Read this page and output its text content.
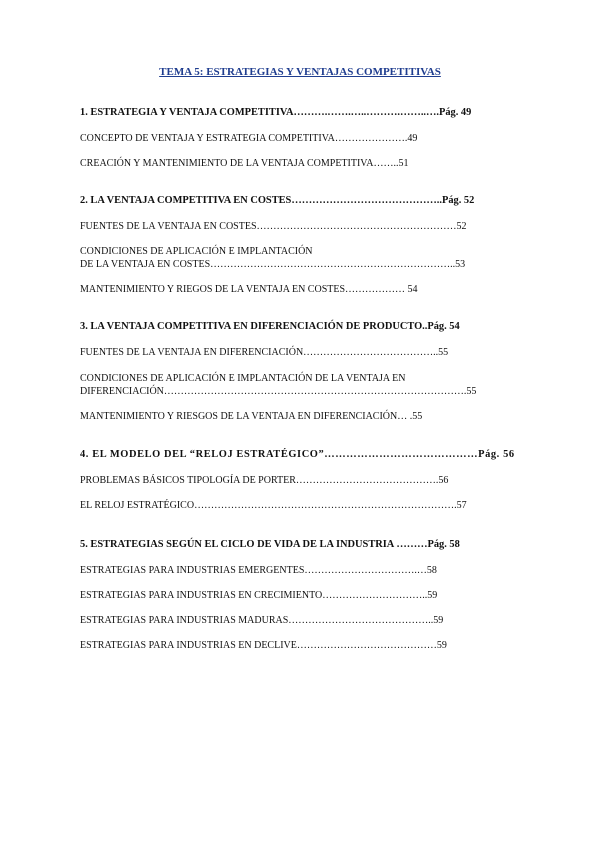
TEMA 5: ESTRATEGIAS Y VENTAJAS COMPETITIVAS
1. ESTRATEGIA Y VENTAJA COMPETITIVA……….…….…..……….……..….Pág. 49
CONCEPTO DE VENTAJA Y ESTRATEGIA COMPETITIVA………………….49
CREACIÓN Y MANTENIMIENTO DE LA VENTAJA COMPETITIVA……..51
2. LA VENTAJA COMPETITIVA EN COSTES……………………………………..Pág. 52
FUENTES DE LA VENTAJA EN COSTES……………………………………………………52
CONDICIONES DE APLICACIÓN E IMPLANTACIÓN
DE LA VENTAJA EN COSTES………………………………………………………………..53
MANTENIMIENTO Y RIEGOS DE LA VENTAJA EN COSTES……………… 54
3. LA VENTAJA COMPETITIVA EN DIFERENCIACIÓN DE PRODUCTO..Pág. 54
FUENTES DE LA VENTAJA EN DIFERENCIACIÓN…………………………………..55
CONDICIONES DE APLICACIÓN E IMPLANTACIÓN DE LA VENTAJA EN
DIFERENCIACIÓN……………………………………………………………………………….55
MANTENIMIENTO Y RIESGOS DE LA VENTAJA EN DIFERENCIACIÓN… .55
4. EL MODELO DEL “RELOJ ESTRATÉGICO”……………………………………Pág. 56
PROBLEMAS BÁSICOS TIPOLOGÍA DE PORTER…………………………………….56
EL RELOJ ESTRATÉGICO…………………………………………………………………….57
5. ESTRATEGIAS SEGÚN EL CICLO DE VIDA DE LA INDUSTRIA ………Pág. 58
ESTRATEGIAS PARA INDUSTRIAS EMERGENTES…………………………….…58
ESTRATEGIAS PARA INDUSTRIAS EN CRECIMIENTO…………………………..59
ESTRATEGIAS PARA INDUSTRIAS MADURAS……………………………………..59
ESTRATEGIAS PARA INDUSTRIAS EN DECLIVE……………………………………59
